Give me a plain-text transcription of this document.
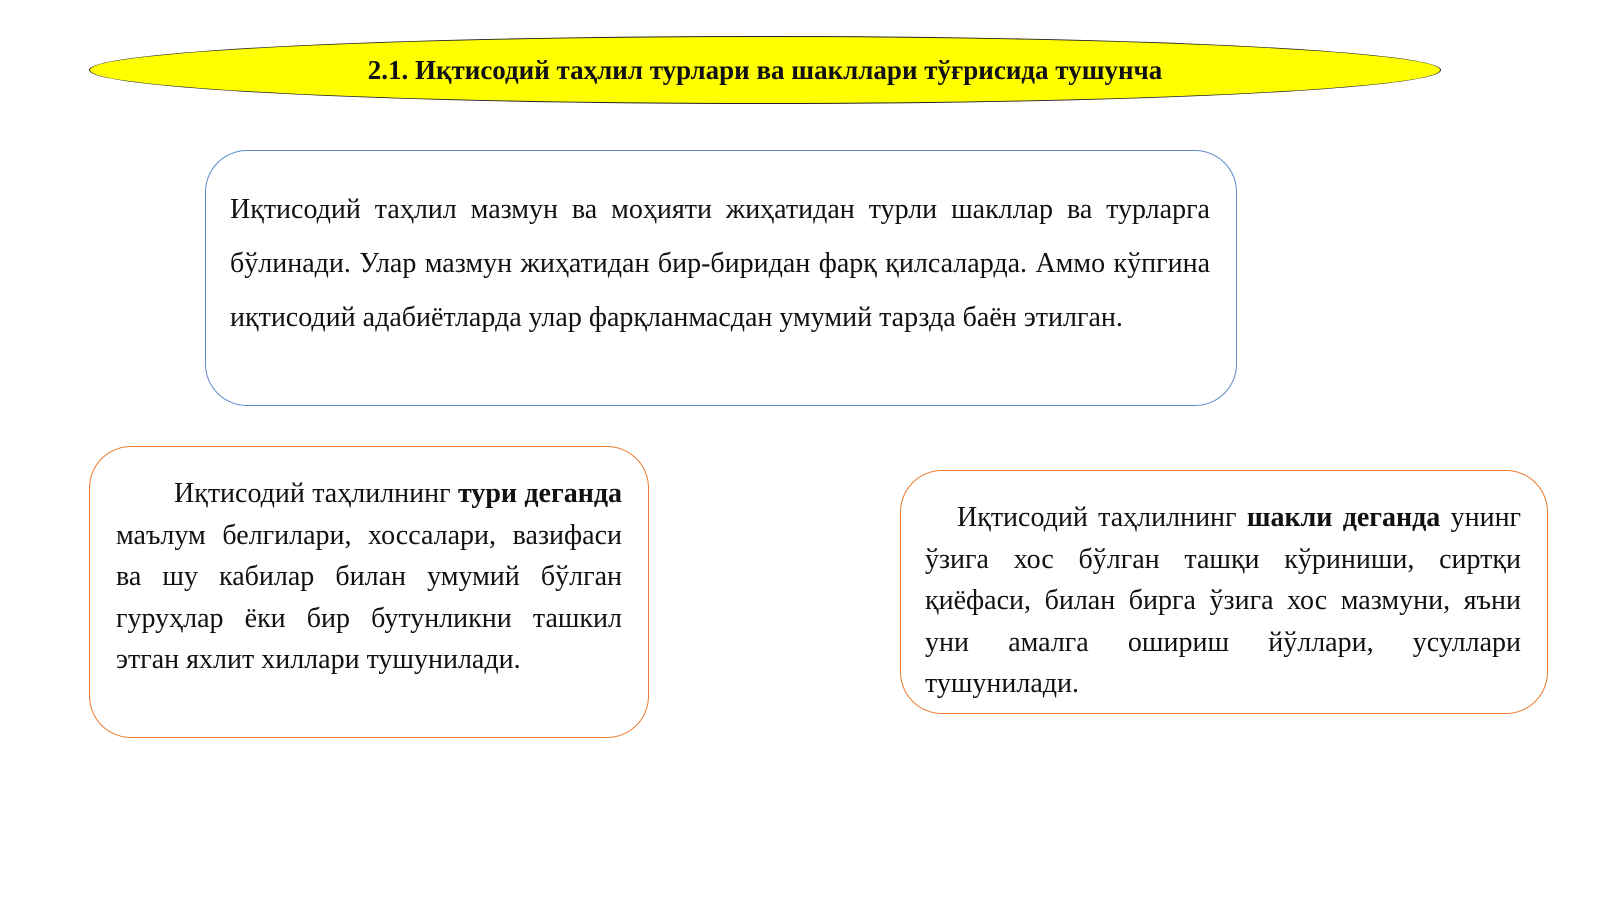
2.1. Иқтисодий таҳлил турлари ва шакллари тўғрисида тушунча
Иқтисодий таҳлил мазмун ва моҳияти жиҳатидан турли шакллар ва турларга бўлинади. Улар мазмун жиҳатидан бир-биридан фарқ қилсаларда. Аммо кўпгина иқтисодий адабиётларда улар фарқланмасдан умумий тарзда баён этилган.
Иқтисодий таҳлилнинг тури деганда маълум белгилари, хоссалари, вазифаси ва шу кабилар билан умумий бўлган гуруҳлар ёки бир бутунликни ташкил этган яхлит хиллари тушунилади.
Иқтисодий таҳлилнинг шакли деганда унинг ўзига хос бўлган ташқи кўриниши, сиртқи қиёфаси, билан бирга ўзига хос мазмуни, яъни уни амалга ошириш йўллари, усуллари тушунилади.
